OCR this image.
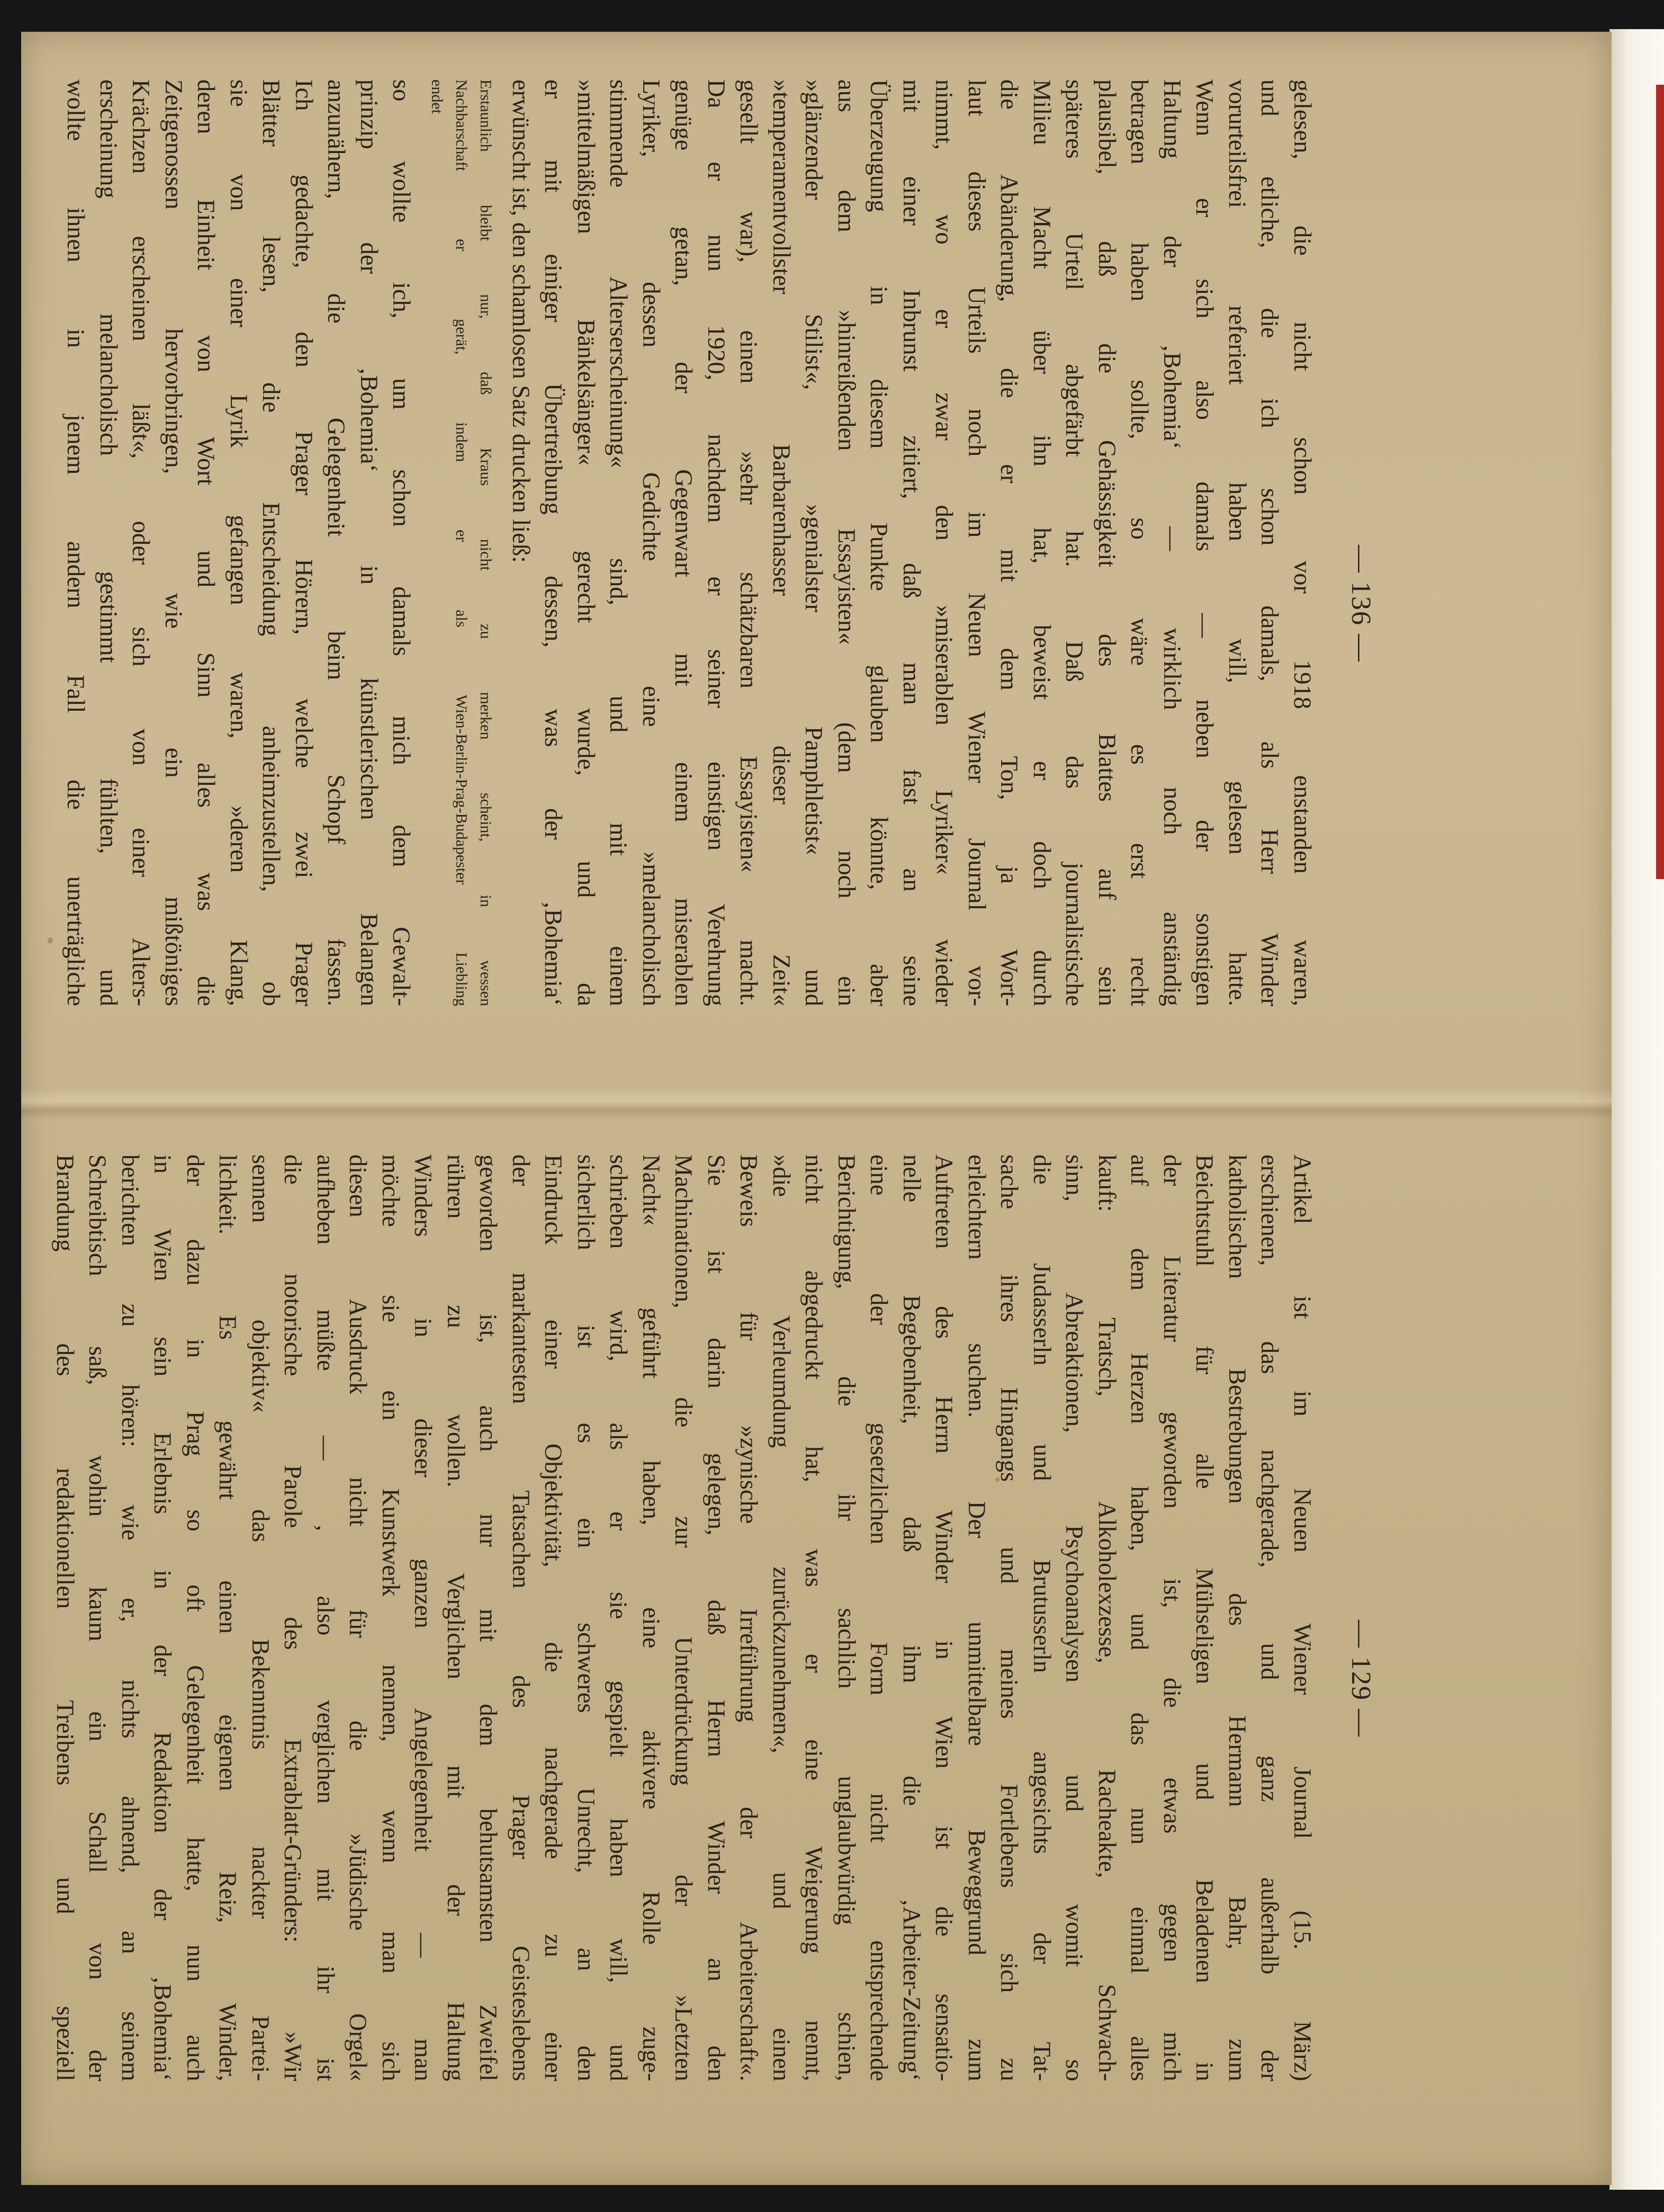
— 136 —
gelesen, die nicht schon vor 1918 enstanden waren,
und etliche, die ich schon damals, als Herr Winder
vorurteilsfrei referiert haben will, gelesen hatte.
Wenn er sich also damals — neben der sonstigen
Haltung der ‚Bohemia‘ — wirklich noch anständig
betragen haben sollte, so wäre es erst recht
plausibel, daß die Gehässigkeit des Blattes auf sein
späteres Urteil abgefärbt hat. Daß das journalistische
Milieu Macht über ihn hat, beweist er doch durch
die Abänderung, die er mit dem Ton, ja Wort-
laut dieses Urteils noch im Neuen Wiener Journal vor-
nimmt, wo er zwar den »miserablen Lyriker« wieder
mit einer Inbrunst zitiert, daß man fast an seine
Überzeugung in diesem Punkte glauben könnte, aber
aus dem »hinreißenden Essayisten« (dem noch ein
»glänzender Stilist«, »genialster Pamphletist« und
»temperamentvollster Barbarenhasser dieser Zeit«
gesellt war), einen »sehr schätzbaren Essayisten« macht.
Da er nun 1920, nachdem er seiner einstigen Verehrung
genüge getan, der Gegenwart mit einem miserablen
Lyriker, dessen Gedichte eine »melancholisch
stimmende Alterserscheinung« sind, und mit einem
»mittelmäßigen Bänkelsänger« gerecht wurde, und da
er mit einiger Übertreibung dessen, was der ‚Bohemia‘
erwünscht ist, den schamlosen Satz drucken ließ:
Erstaunlich bleibt nur, daß Kraus nicht zu merken scheint, in wessen
Nachbarschaft er gerät, indem er als Wien-Berlin-Prag-Budapester Liebling
endet
so wollte ich, um schon damals mich dem Gewalt-
prinzip der ‚Bohemia‘ in künstlerischen Belangen
anzunähern, die Gelegenheit beim Schopf fassen.
Ich gedachte, den Prager Hörern, welche zwei Prager
Blätter lesen, die Entscheidung anheimzustellen, ob
sie von einer Lyrik gefangen waren, »deren Klang,
deren Einheit von Wort und Sinn alles was die
Zeitgenossen hervorbringen, wie ein mißtöniges
Krächzen erscheinen läßt«, oder sich von einer Alters-
erscheinung melancholisch gestimmt fühlten, und
wollte ihnen in jenem andern Fall die unerträgliche
— 129 —
Artikel ist im Neuen Wiener Journal (15. März)
erschienen, das nachgerade, und ganz außerhalb der
katholischen Bestrebungen des Hermann Bahr, zum
Beichtstuhl für alle Mühseligen und Beladenen in
der Literatur geworden ist, die etwas gegen mich
auf dem Herzen haben, und das nun einmal alles
kauft: Tratsch, Alkoholexzesse, Racheakte, Schwach-
sinn, Abreaktionen, Psychoanalysen und womit so
die Judasserln und Brutusserln angesichts der Tat-
sache ihres Hingangs und meines Fortlebens sich zu
erleichtern suchen. Der unmittelbare Beweggrund zum
Auftreten des Herrn Winder in Wien ist die sensatio-
nelle Begebenheit, daß ihm die ‚Arbeiter-Zeitung‘
eine der gesetzlichen Form nicht entsprechende
Berichtigung, die ihr sachlich unglaubwürdig schien,
nicht abgedruckt hat, was er eine Weigerung nennt,
»die Verleumdung zurückzunehmen«, und einen
Beweis für »zynische Irreführung der Arbeiterschaft«.
Sie ist darin gelegen, daß Herrn Winder an den
Machinationen, die zur Unterdrückung der »Letzten
Nacht« geführt haben, eine aktivere Rolle zuge-
schrieben wird, als er sie gespielt haben will, und
sicherlich ist es ein schweres Unrecht, an den
Eindruck einer Objektivität, die nachgerade zu einer
der markantesten Tatsachen des Prager Geisteslebens
geworden ist, auch nur mit dem behutsamsten Zweifel
rühren zu wollen. Verglichen mit der Haltung
Winders in dieser ganzen Angelegenheit — man
möchte sie ein Kunstwerk nennen, wenn man sich
diesen Ausdruck nicht für die »Jüdische Orgel«
aufheben müßte — , also verglichen mit ihr ist
die notorische Parole des Extrablatt-Gründers: »Wir
sennen objektiv« das Bekenntnis nackter Partei-
lichkeit. Es gewährt einen eigenen Reiz, Winder,
der dazu in Prag so oft Gelegenheit hatte, nun auch
in Wien sein Erlebnis in der Redaktion der ‚Bohemia‘
berichten zu hören: wie er, nichts ahnend, an seinem
Schreibtisch saß, wohin kaum ein Schall von der
Brandung des redaktionellen Treibens und speziell
